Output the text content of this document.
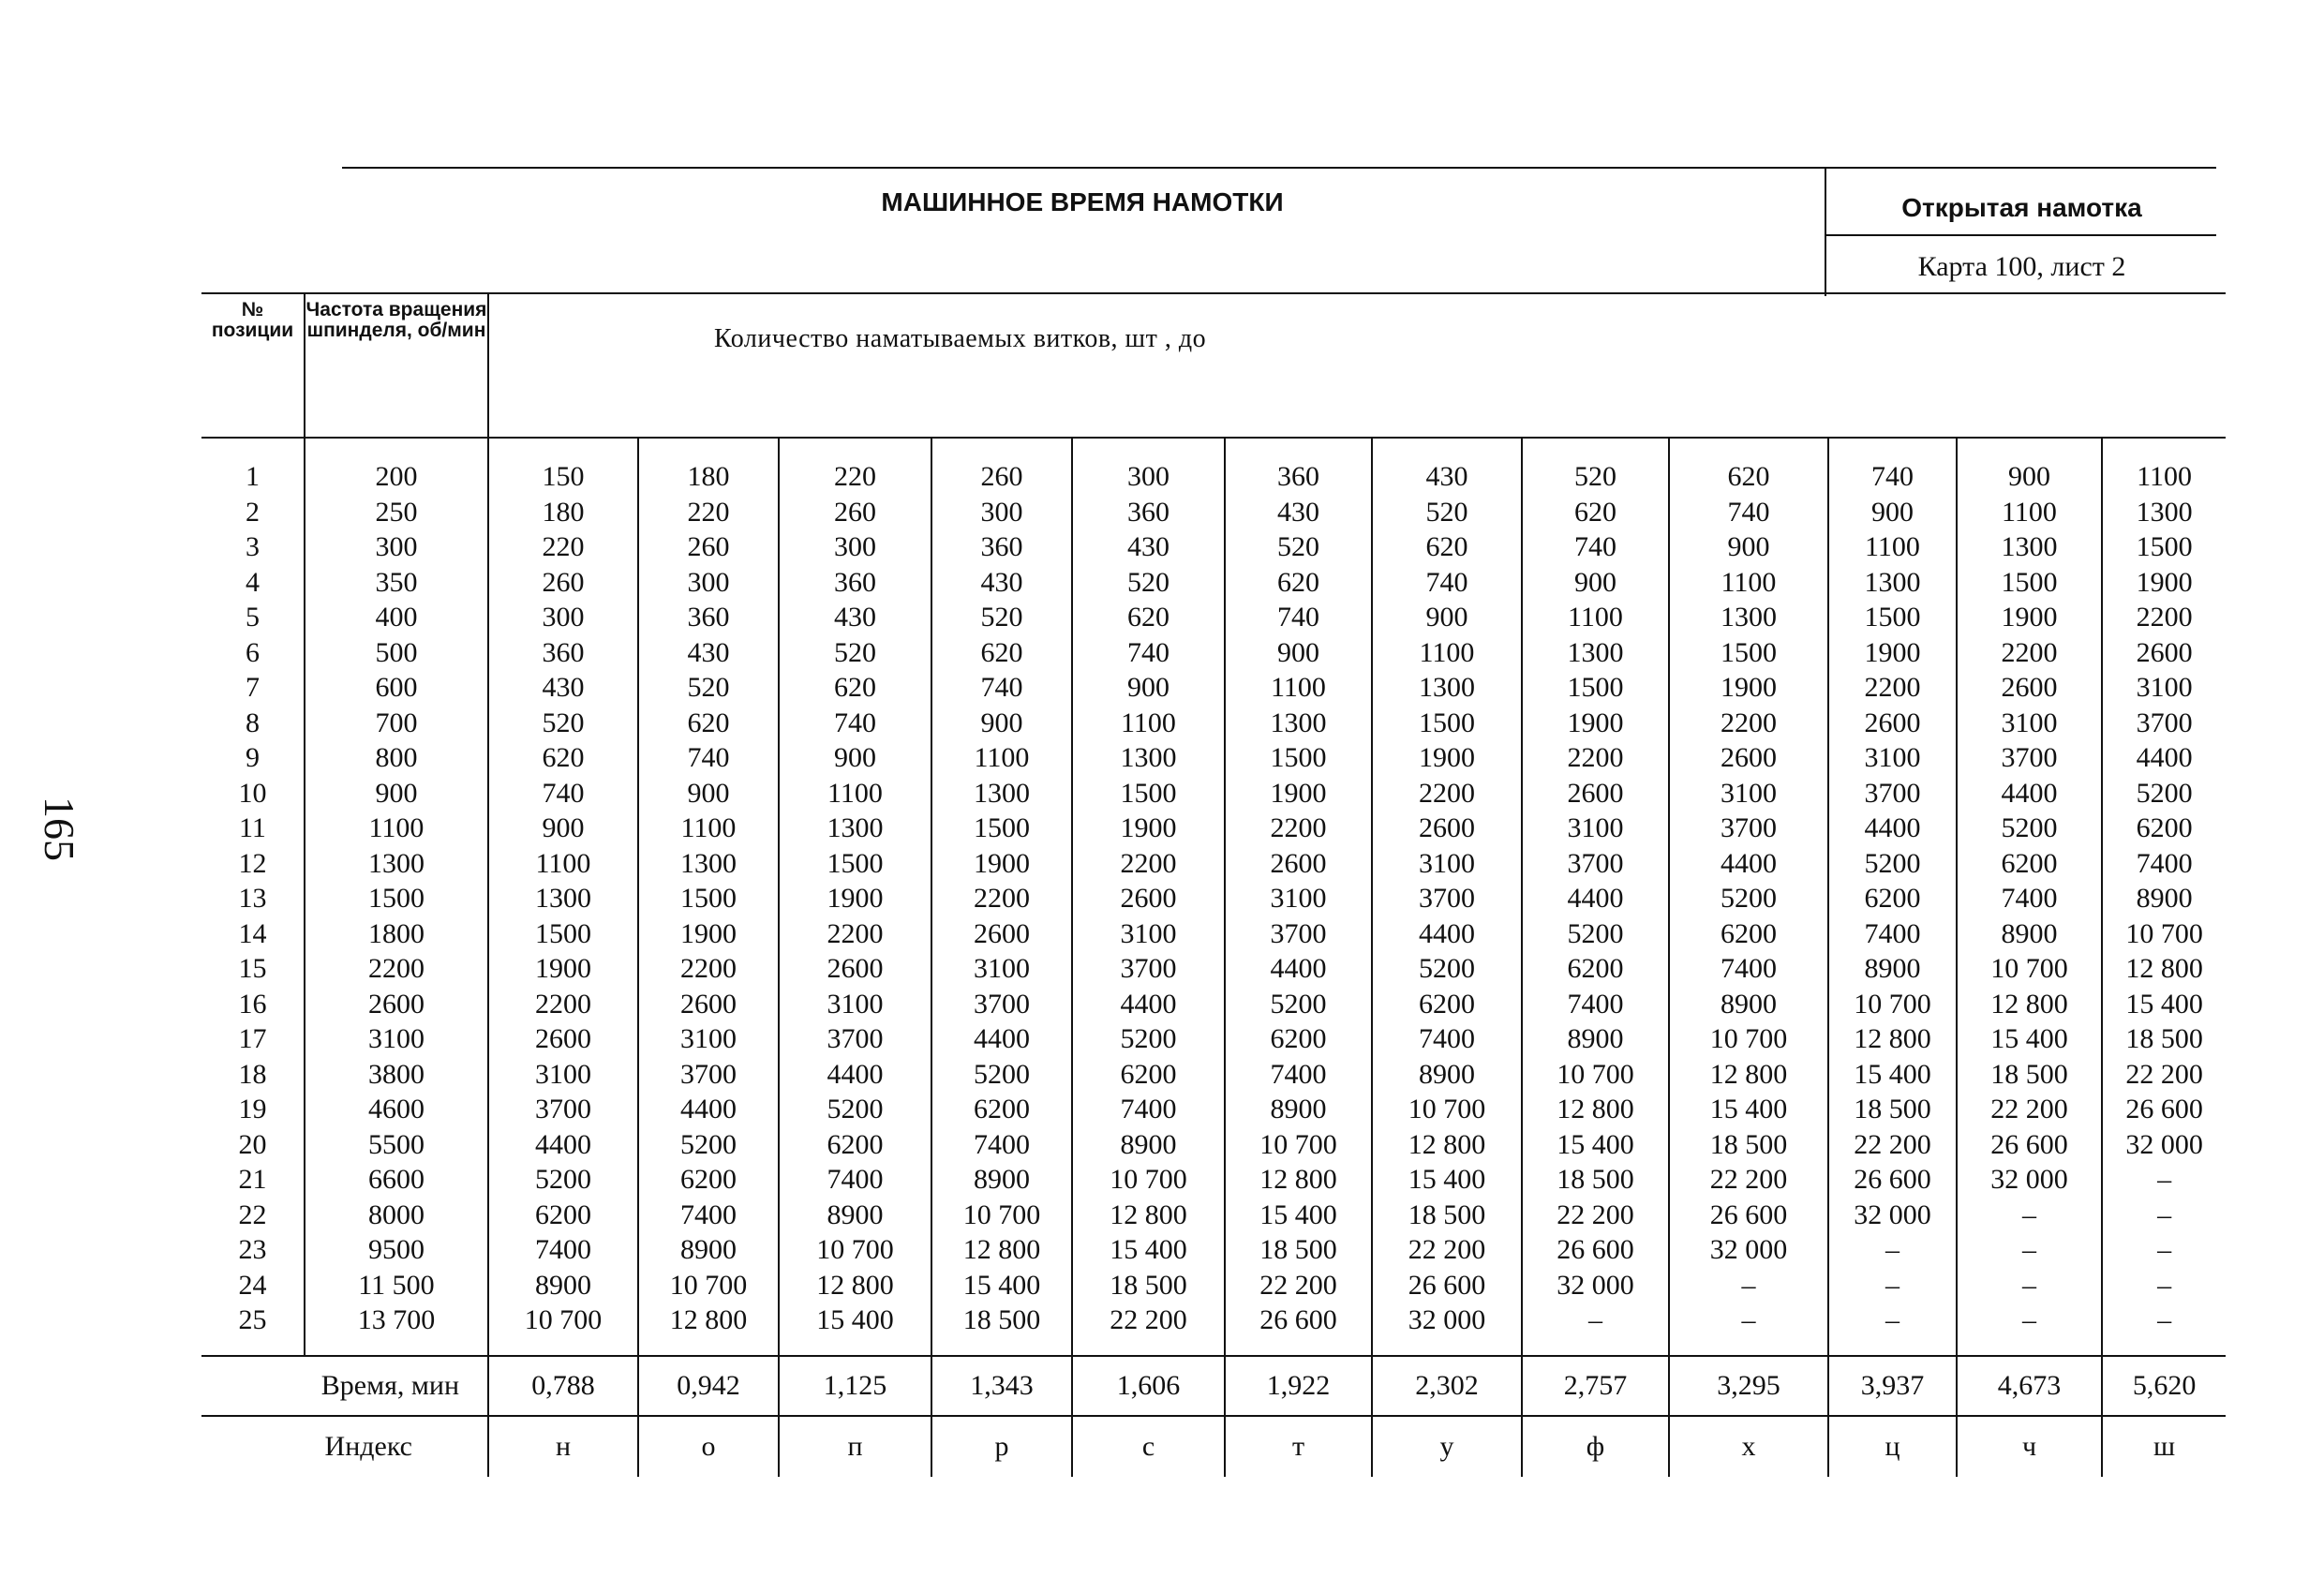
165
МАШИННОЕ ВРЕМЯ НАМОТКИ	Открытая намотка
Карта 100, лист 2
№ позиции	Частота вращения шпинделя, об/мин	Количество наматываемых витков, шт , до											

1	200	150	180	220	260	300	360	430	520	620	740	900	1100
2	250	180	220	260	300	360	430	520	620	740	900	1100	1300
3	300	220	260	300	360	430	520	620	740	900	1100	1300	1500
4	350	260	300	360	430	520	620	740	900	1100	1300	1500	1900
5	400	300	360	430	520	620	740	900	1100	1300	1500	1900	2200
6	500	360	430	520	620	740	900	1100	1300	1500	1900	2200	2600
7	600	430	520	620	740	900	1100	1300	1500	1900	2200	2600	3100
8	700	520	620	740	900	1100	1300	1500	1900	2200	2600	3100	3700
9	800	620	740	900	1100	1300	1500	1900	2200	2600	3100	3700	4400
10	900	740	900	1100	1300	1500	1900	2200	2600	3100	3700	4400	5200
11	1100	900	1100	1300	1500	1900	2200	2600	3100	3700	4400	5200	6200
12	1300	1100	1300	1500	1900	2200	2600	3100	3700	4400	5200	6200	7400
13	1500	1300	1500	1900	2200	2600	3100	3700	4400	5200	6200	7400	8900
14	1800	1500	1900	2200	2600	3100	3700	4400	5200	6200	7400	8900	10 700
15	2200	1900	2200	2600	3100	3700	4400	5200	6200	7400	8900	10 700	12 800
16	2600	2200	2600	3100	3700	4400	5200	6200	7400	8900	10 700	12 800	15 400
17	3100	2600	3100	3700	4400	5200	6200	7400	8900	10 700	12 800	15 400	18 500
18	3800	3100	3700	4400	5200	6200	7400	8900	10 700	12 800	15 400	18 500	22 200
19	4600	3700	4400	5200	6200	7400	8900	10 700	12 800	15 400	18 500	22 200	26 600
20	5500	4400	5200	6200	7400	8900	10 700	12 800	15 400	18 500	22 200	26 600	32 000
21	6600	5200	6200	7400	8900	10 700	12 800	15 400	18 500	22 200	26 600	32 000	–
22	8000	6200	7400	8900	10 700	12 800	15 400	18 500	22 200	26 600	32 000	–	–
23	9500	7400	8900	10 700	12 800	15 400	18 500	22 200	26 600	32 000	–	–	–
24	11 500	8900	10 700	12 800	15 400	18 500	22 200	26 600	32 000	–	–	–	–
25	13 700	10 700	12 800	15 400	18 500	22 200	26 600	32 000	–	–	–	–	–
Время, мин		0,788	0,942	1,125	1,343	1,606	1,922	2,302	2,757	3,295	3,937	4,673	5,620
Индекс		н	о	п	р	с	т	у	ф	х	ц	ч	ш
